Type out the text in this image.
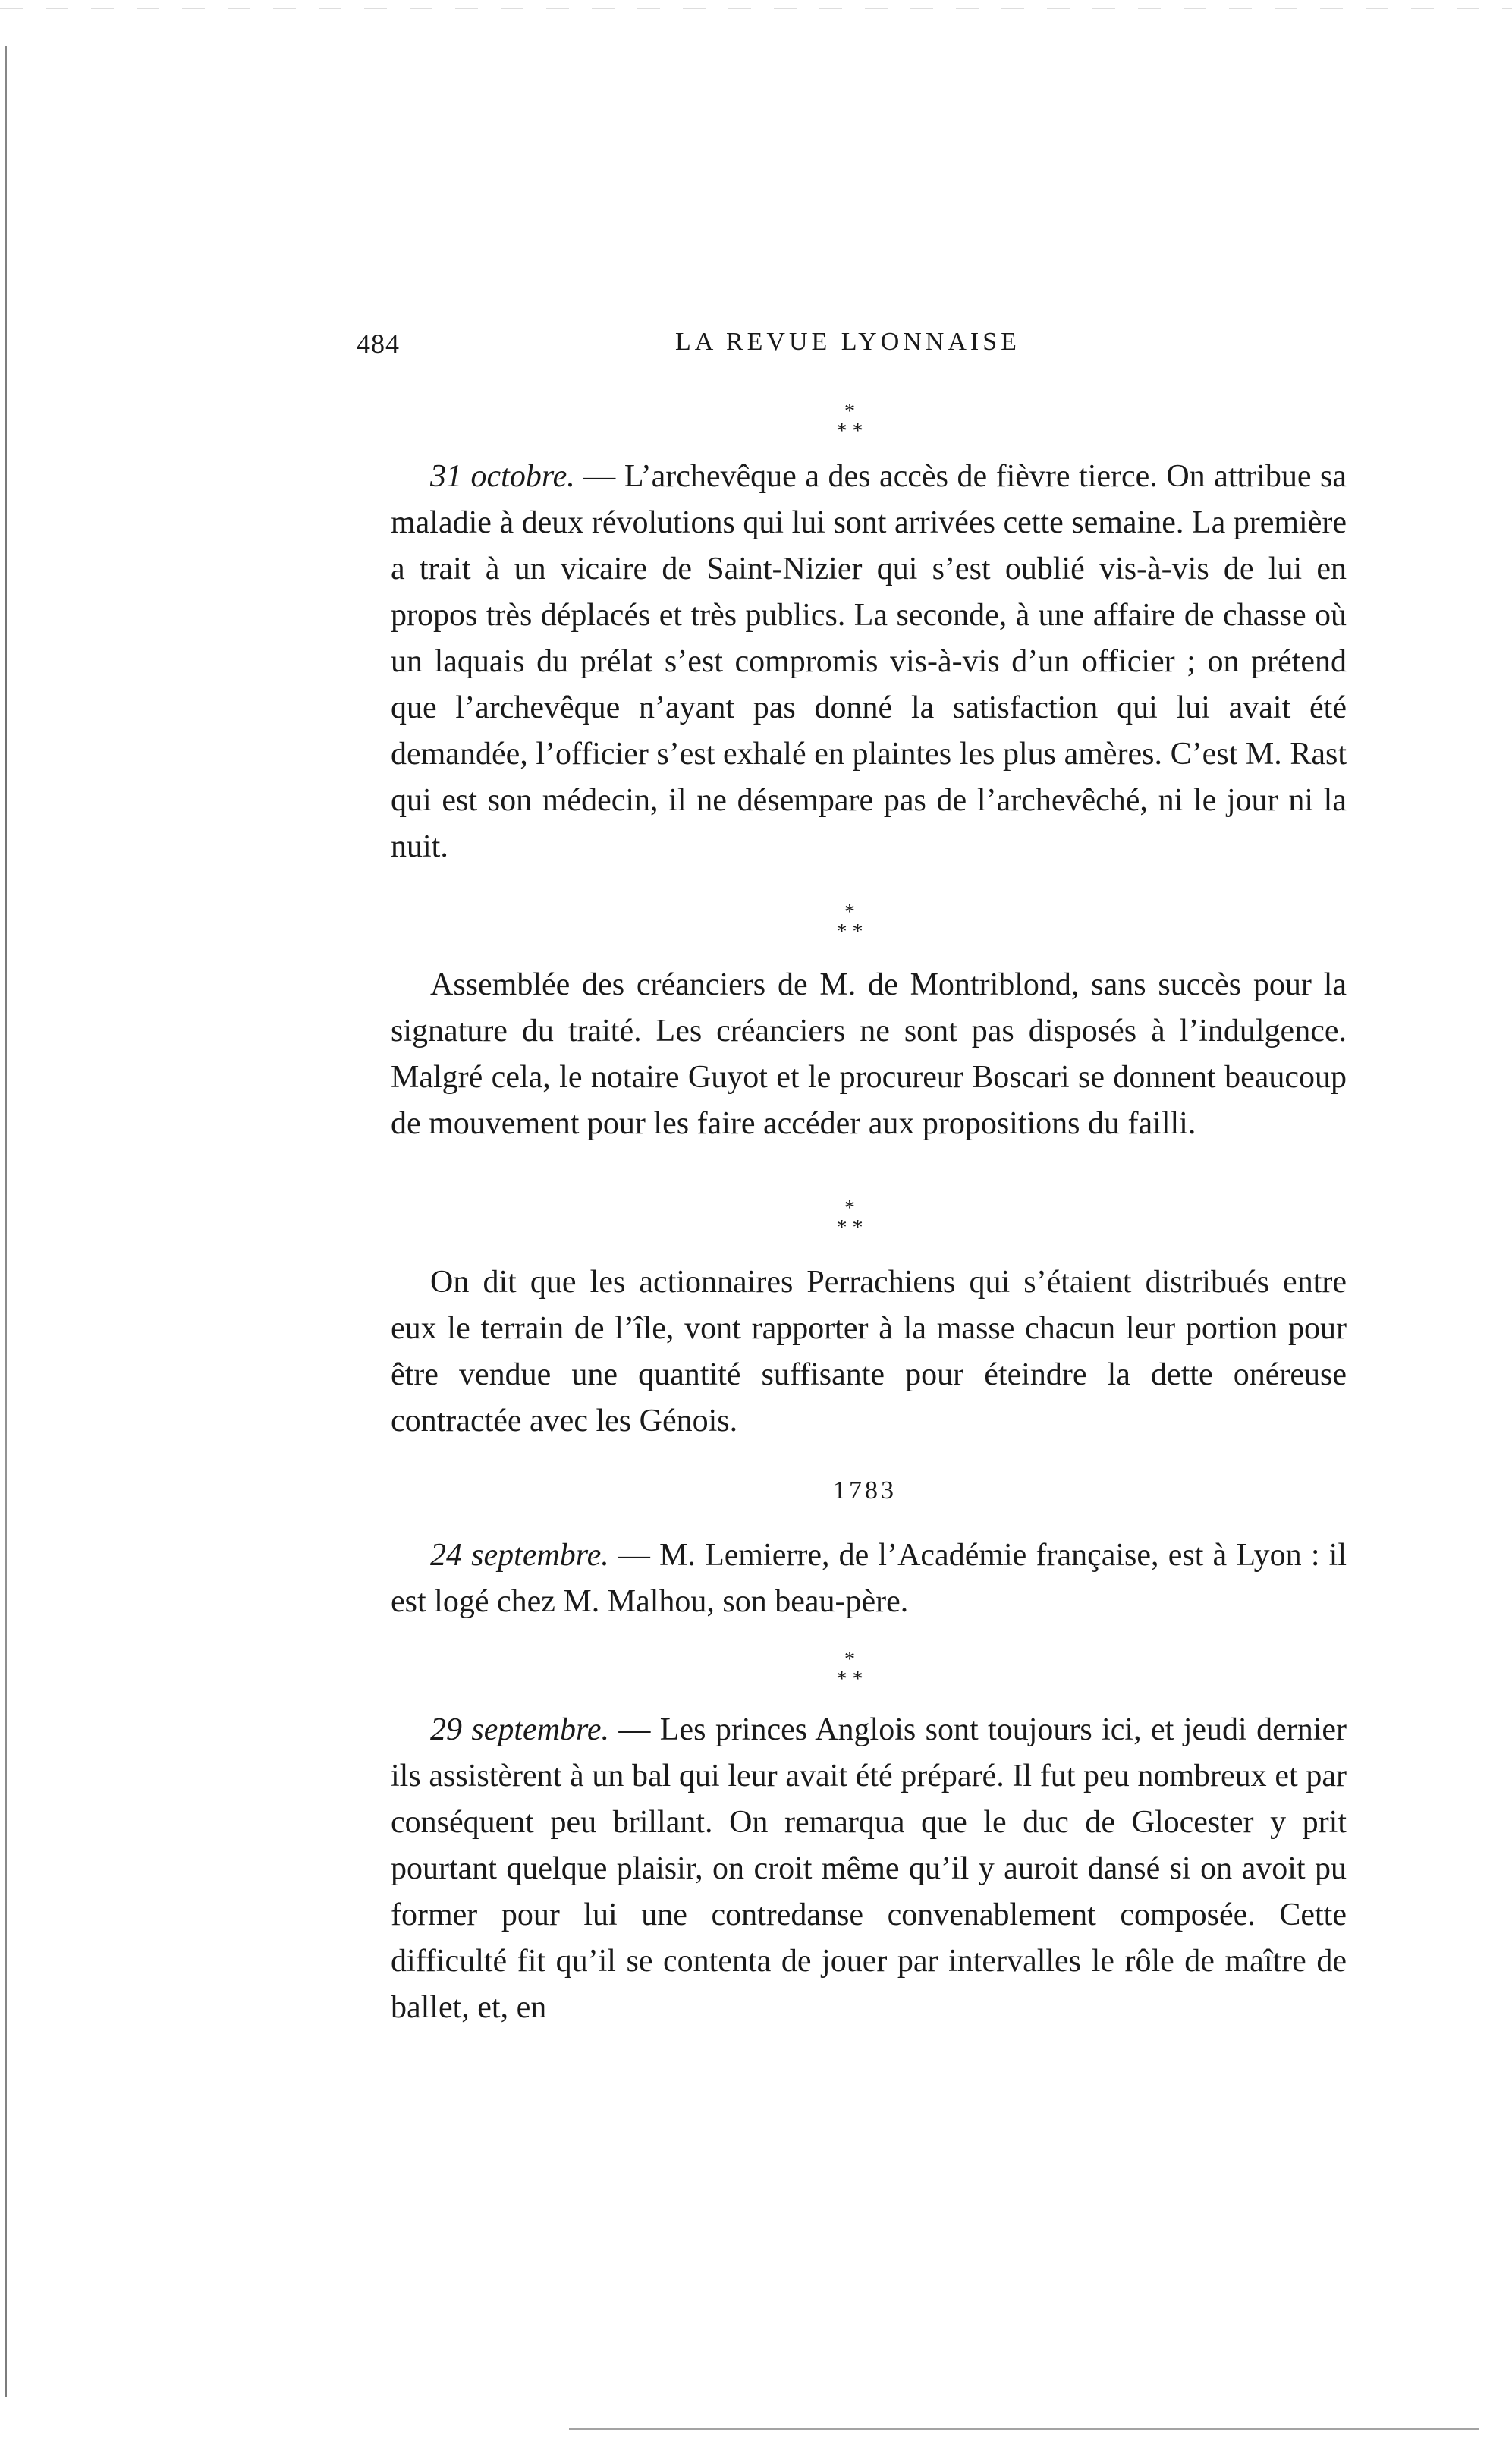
484	LA REVUE LYONNAISE
*
* *

31 octobre. — L’archevêque a des accès de fièvre tierce. On attribue sa maladie à deux révolutions qui lui sont arrivées cette semaine. La première a trait à un vicaire de Saint-Nizier qui s’est oublié vis-à-vis de lui en propos très déplacés et très publics. La seconde, à une affaire de chasse où un laquais du prélat s’est compromis vis-à-vis d’un officier ; on prétend que l’archevêque n’ayant pas donné la satisfaction qui lui avait été demandée, l’officier s’est exhalé en plaintes les plus amères. C’est M. Rast qui est son médecin, il ne désempare pas de l’archevêché, ni le jour ni la nuit.

*
* *

Assemblée des créanciers de M. de Montriblond, sans succès pour la signature du traité. Les créanciers ne sont pas disposés à l’indulgence. Malgré cela, le notaire Guyot et le procureur Boscari se donnent beaucoup de mouvement pour les faire accéder aux propositions du failli.

*
* *

On dit que les actionnaires Perrachiens qui s’étaient distribués entre eux le terrain de l’île, vont rapporter à la masse chacun leur portion pour être vendue une quantité suffisante pour éteindre la dette onéreuse contractée avec les Génois.

1783

24 septembre. — M. Lemierre, de l’Académie française, est à Lyon : il est logé chez M. Malhou, son beau-père.

*
* *

29 septembre. — Les princes Anglois sont toujours ici, et jeudi dernier ils assistèrent à un bal qui leur avait été préparé. Il fut peu nombreux et par conséquent peu brillant. On remarqua que le duc de Glocester y prit pourtant quelque plaisir, on croit même qu’il y auroit dansé si on avoit pu former pour lui une contredanse convenablement composée. Cette difficulté fit qu’il se contenta de jouer par intervalles le rôle de maître de ballet, et, en
